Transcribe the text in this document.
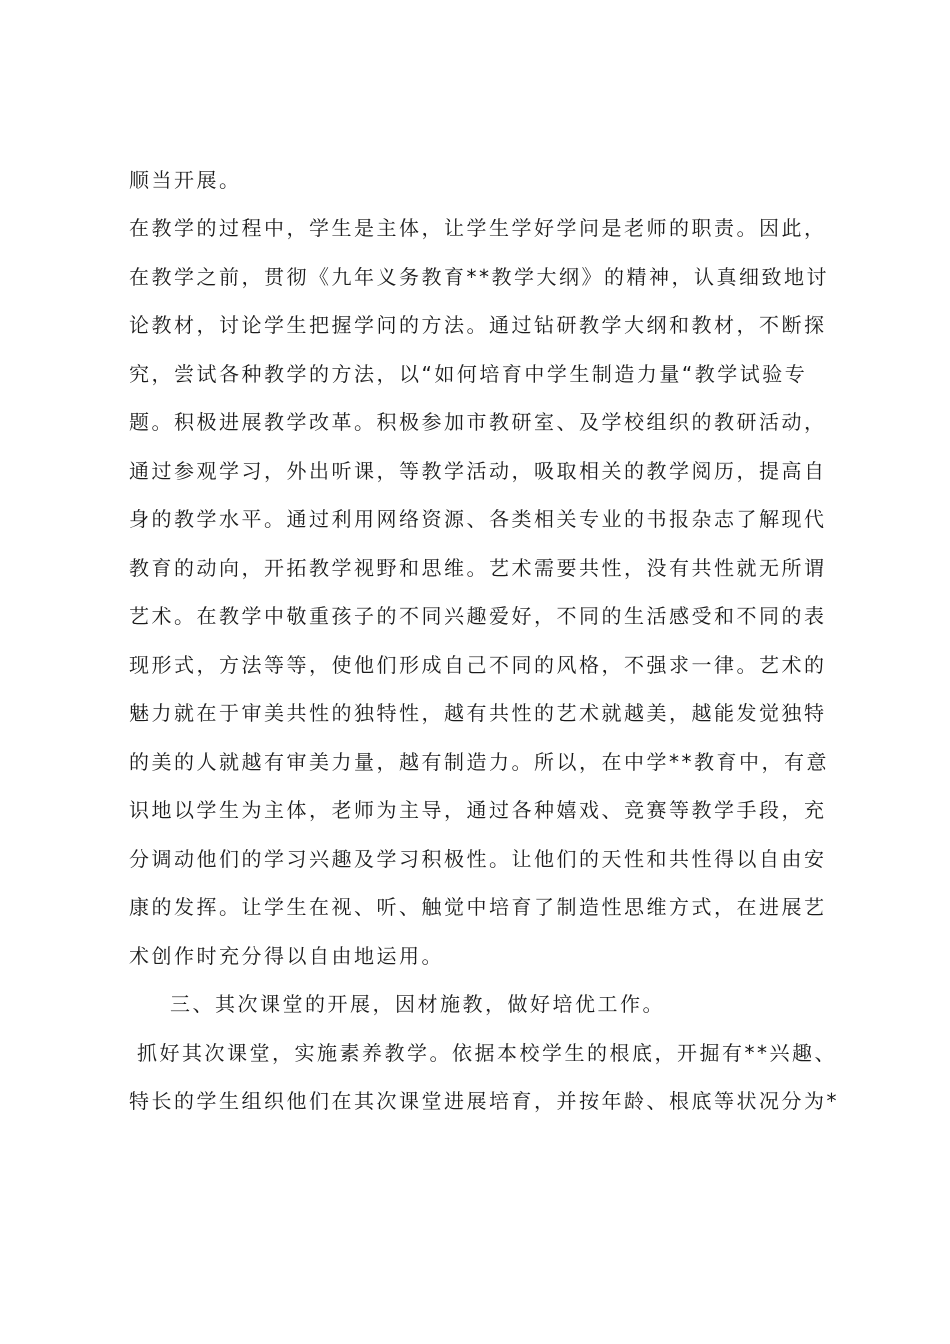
顺当开展。
在教学的过程中，学生是主体，让学生学好学问是老师的职责。因此，
在教学之前，贯彻《九年义务教育**教学大纲》的精神，认真细致地讨
论教材，讨论学生把握学问的方法。通过钻研教学大纲和教材，不断探
究，尝试各种教学的方法，以“如何培育中学生制造力量“教学试验专
题。积极进展教学改革。积极参加市教研室、及学校组织的教研活动，
通过参观学习，外出听课，等教学活动，吸取相关的教学阅历，提高自
身的教学水平。通过利用网络资源、各类相关专业的书报杂志了解现代
教育的动向，开拓教学视野和思维。艺术需要共性，没有共性就无所谓
艺术。在教学中敬重孩子的不同兴趣爱好，不同的生活感受和不同的表
现形式，方法等等，使他们形成自己不同的风格，不强求一律。艺术的
魅力就在于审美共性的独特性，越有共性的艺术就越美，越能发觉独特
的美的人就越有审美力量，越有制造力。所以，在中学**教育中，有意
识地以学生为主体，老师为主导，通过各种嬉戏、竞赛等教学手段，充
分调动他们的学习兴趣及学习积极性。让他们的天性和共性得以自由安
康的发挥。让学生在视、听、触觉中培育了制造性思维方式，在进展艺
术创作时充分得以自由地运用。
三、其次课堂的开展，因材施教，做好培优工作。
抓好其次课堂，实施素养教学。依据本校学生的根底，开掘有**兴趣、
特长的学生组织他们在其次课堂进展培育，并按年龄、根底等状况分为*
